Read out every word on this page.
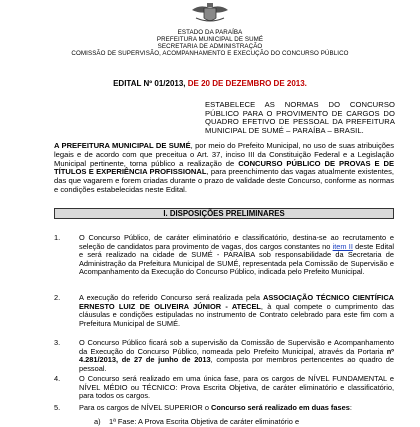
ESTADO DA PARAÍBA
PREFEITURA MUNICIPAL DE SUMÉ
SECRETARIA DE ADMINISTRAÇÃO
COMISSÃO DE SUPERVISÃO, ACOMPANHAMENTO E EXECUÇÃO DO CONCURSO PÚBLICO
EDITAL Nº 01/2013, DE 20 DE DEZEMBRO DE 2013.
ESTABELECE AS NORMAS DO CONCURSO PÚBLICO PARA O PROVIMENTO DE CARGOS DO QUADRO EFETIVO DE PESSOAL DA PREFEITURA MUNICIPAL DE SUMÉ – PARAÍBA – BRASIL.
A PREFEITURA MUNICIPAL DE SUMÉ, por meio do Prefeito Municipal, no uso de suas atribuições legais e de acordo com que preceitua o Art. 37, inciso III da Constituição Federal e a Legislação Municipal pertinente, torna público a realização de CONCURSO PÚBLICO DE PROVAS E DE TÍTULOS E EXPERIÊNCIA PROFISSIONAL, para preenchimento das vagas atualmente existentes, das que vagarem e forem criadas durante o prazo de validade deste Concurso, conforme as normas e condições estabelecidas neste Edital.
I. DISPOSIÇÕES PRELIMINARES
1.	O Concurso Público, de caráter eliminatório e classificatório, destina-se ao recrutamento e seleção de candidatos para provimento de vagas, dos cargos constantes no item II deste Edital e será realizado na cidade de SUMÉ - PARAÍBA sob responsabilidade da Secretaria de Administração da Prefeitura Municipal de SUMÉ, representada pela Comissão de Supervisão e Acompanhamento da Execução do Concurso Público, indicada pelo Prefeito Municipal.
2.	A execução do referido Concurso será realizada pela ASSOCIAÇÃO TÉCNICO CIENTÍFICA ERNESTO LUIZ DE OLIVEIRA JÚNIOR - ATECEL, à qual compete o cumprimento das cláusulas e condições estipuladas no instrumento de Contrato celebrado para este fim com a Prefeitura Municipal de SUMÉ.
3.	O Concurso Público ficará sob a supervisão da Comissão de Supervisão e Acompanhamento da Execução do Concurso Público, nomeada pelo Prefeito Municipal, através da Portaria nº 4.281/2013, de 27 de junho de 2013, composta por membros pertencentes ao quadro de pessoal.
4.	O Concurso será realizado em uma única fase, para os cargos de NÍVEL FUNDAMENTAL e NÍVEL MÉDIO ou TÉCNICO: Prova Escrita Objetiva, de caráter eliminatório e classificatório, para todos os cargos.
5.	Para os cargos de NÍVEL SUPERIOR o Concurso será realizado em duas fases:
a) 1ª Fase: A Prova Escrita Objetiva de caráter eliminatório e
